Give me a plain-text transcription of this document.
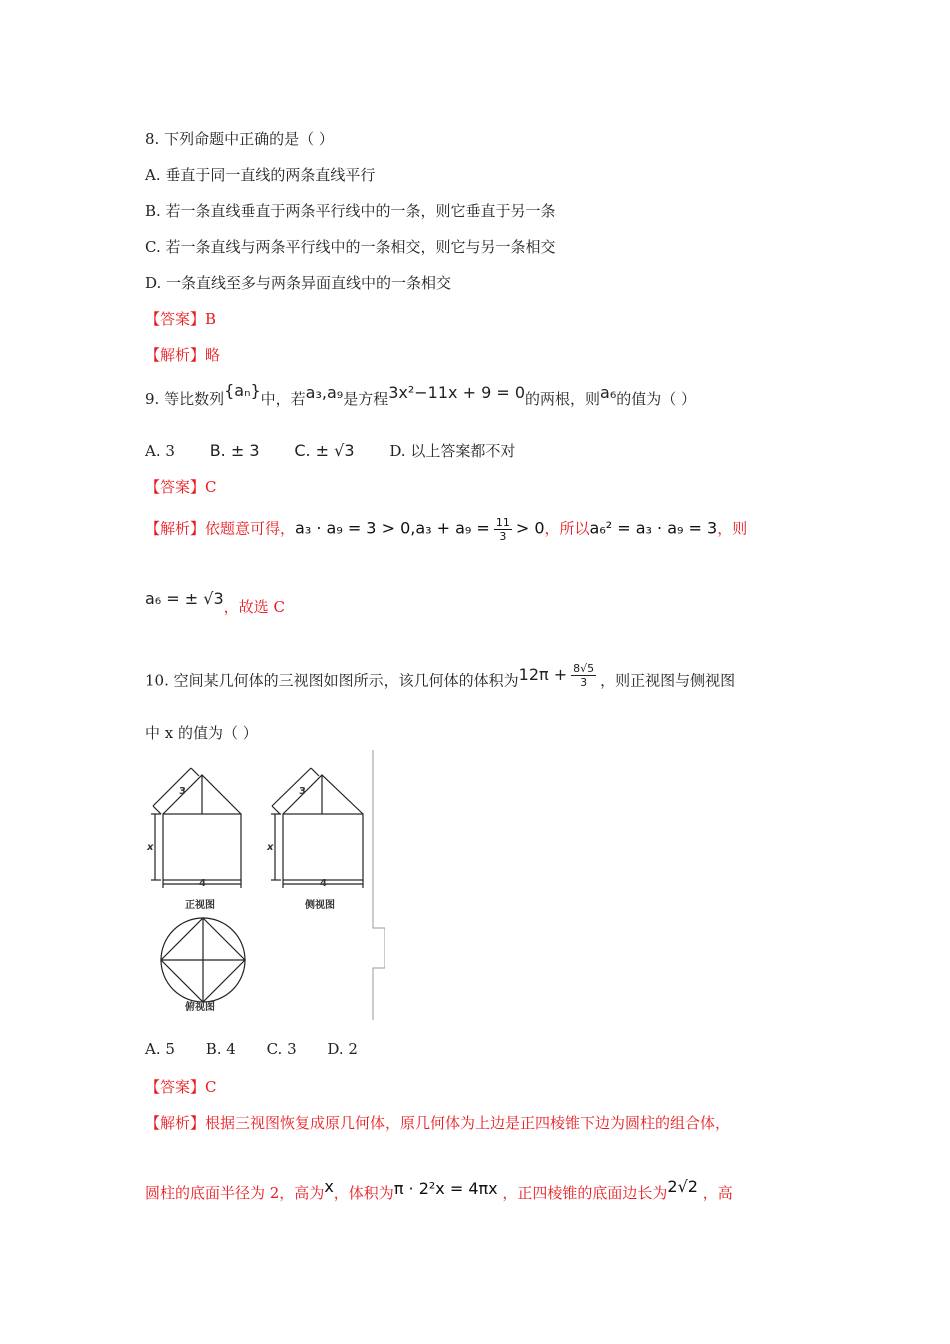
8. 下列命题中正确的是（ ）
A. 垂直于同一直线的两条直线平行
B. 若一条直线垂直于两条平行线中的一条，则它垂直于另一条
C. 若一条直线与两条平行线中的一条相交，则它与另一条相交
D. 一条直线至多与两条异面直线中的一条相交
【答案】B
【解析】略
9. 等比数列{aₙ}中，若a₃,a₉是方程3x²−11x + 9 = 0的两根，则a₆的值为（ ）
A. 3 B. ± 3 C. ± √3 D. 以上答案都不对
【答案】C
【解析】依题意可得，$a_3 \cdot a_9 = 3 > 0,a_3 + a_9 = \frac{11}{3} > 0$，所以a₆² = a₃ · a₉ = 3，则
a₆ = ± √3，故选 C
10. 空间某几何体的三视图如图所示，该几何体的体积为$12\pi + \frac{8√5}{3}$ ，则正视图与侧视图
中 x 的值为（ ）
3
x
4
3
x
4
正视图	侧视图
俯视图
A. 5 B. 4 C. 3 D. 2
【答案】C
【解析】根据三视图恢复成原几何体，原几何体为上边是正四棱锥下边为圆柱的组合体，
圆柱的底面半径为 2，高为x，体积为π · 2²x = 4πx ，正四棱锥的底面边长为2√2 ，高
